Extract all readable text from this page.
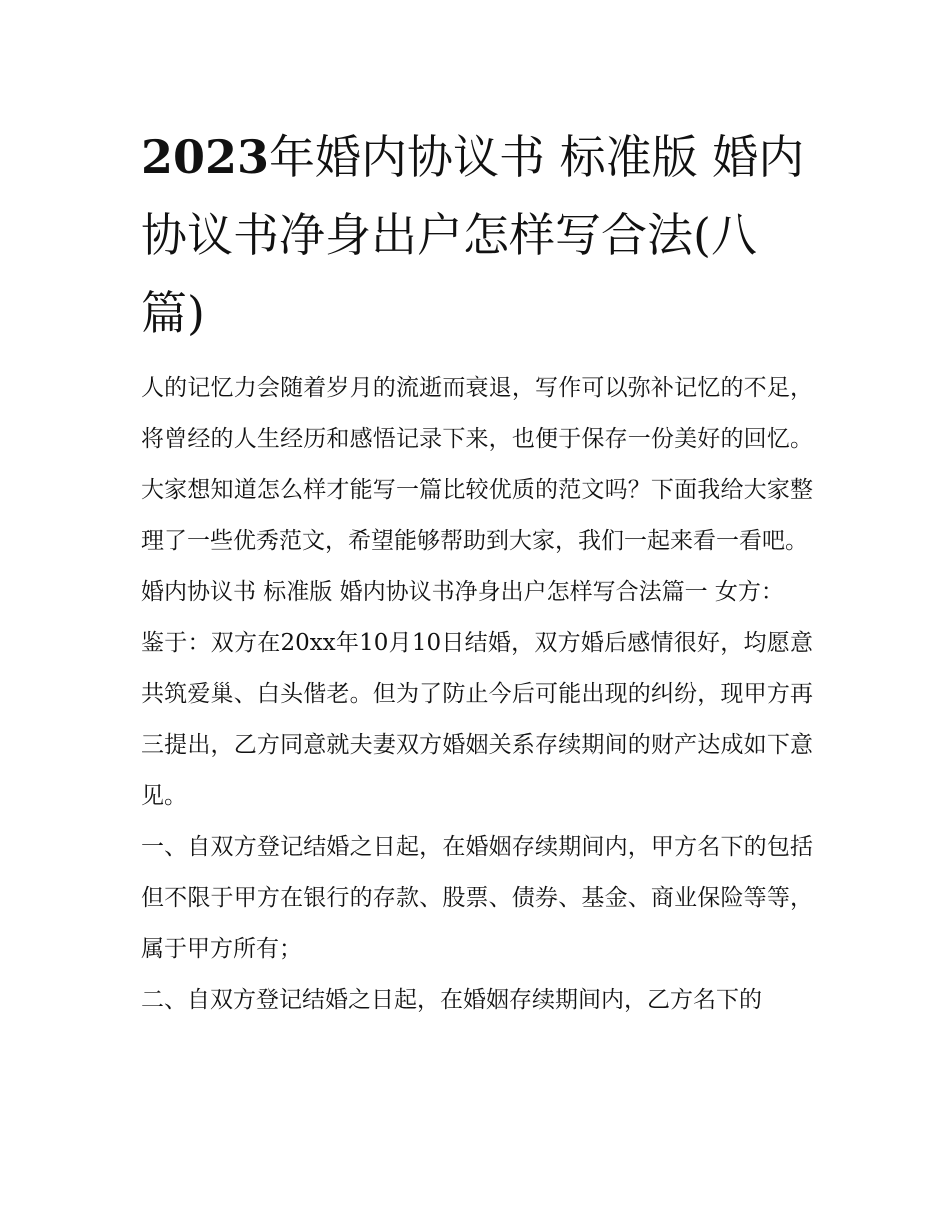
2023年婚内协议书 标准版 婚内协议书净身出户怎样写合法(八篇)

人的记忆力会随着岁月的流逝而衰退，写作可以弥补记忆的不足，将曾经的人生经历和感悟记录下来，也便于保存一份美好的回忆。大家想知道怎么样才能写一篇比较优质的范文吗？下面我给大家整理了一些优秀范文，希望能够帮助到大家，我们一起来看一看吧。

婚内协议书 标准版 婚内协议书净身出户怎样写合法篇一 女方：

鉴于：双方在20xx年10月10日结婚，双方婚后感情很好，均愿意共筑爱巢、白头偕老。但为了防止今后可能出现的纠纷，现甲方再三提出，乙方同意就夫妻双方婚姻关系存续期间的财产达成如下意见。

一、自双方登记结婚之日起，在婚姻存续期间内，甲方名下的包括但不限于甲方在银行的存款、股票、债券、基金、商业保险等等，属于甲方所有；

二、自双方登记结婚之日起，在婚姻存续期间内，乙方名下的
